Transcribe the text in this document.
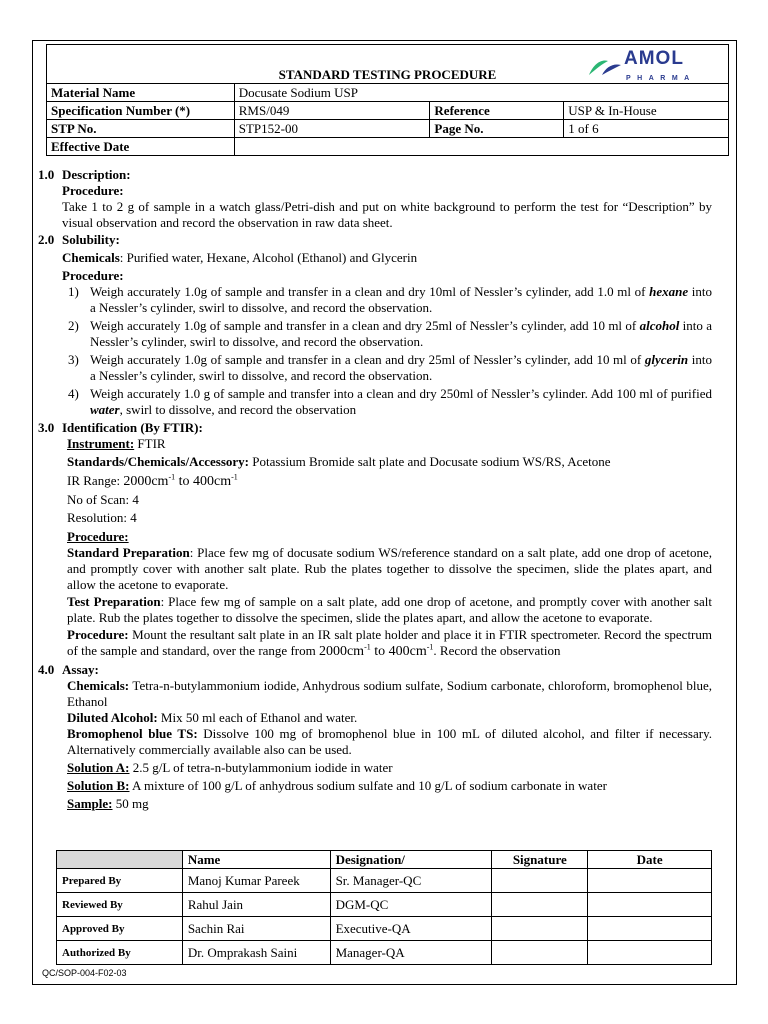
STANDARD TESTING PROCEDURE
AMOL
PHARMA			

Material Name	Docusate Sodium USP		
Specification Number (*)	RMS/049	Reference	USP & In-House
STP No.	STP152-00	Page No.	1 of 6
Effective Date			
1.0 Description:
Procedure:
Take 1 to 2 g of sample in a watch glass/Petri-dish and put on white background to perform the test for “Description” by visual observation and record the observation in raw data sheet.
2.0 Solubility:
Chemicals: Purified water, Hexane, Alcohol (Ethanol) and Glycerin
Procedure:
1) Weigh accurately 1.0g of sample and transfer in a clean and dry 10ml of Nessler’s cylinder, add 1.0 ml of hexane into a Nessler’s cylinder, swirl to dissolve, and record the observation.
2) Weigh accurately 1.0g of sample and transfer in a clean and dry 25ml of Nessler’s cylinder, add 10 ml of alcohol into a Nessler’s cylinder, swirl to dissolve, and record the observation.
3) Weigh accurately 1.0g of sample and transfer in a clean and dry 25ml of Nessler’s cylinder, add 10 ml of glycerin into a Nessler’s cylinder, swirl to dissolve, and record the observation.
4) Weigh accurately 1.0 g of sample and transfer into a clean and dry 250ml of Nessler’s cylinder. Add 100 ml of purified water, swirl to dissolve, and record the observation
3.0 Identification (By FTIR):
Instrument: FTIR
Standards/Chemicals/Accessory: Potassium Bromide salt plate and Docusate sodium WS/RS, Acetone
IR Range: $2000cm^{-1}$ to $400cm^{-1}$
No of Scan: 4
Resolution: 4
Procedure:
Standard Preparation: Place few mg of docusate sodium WS/reference standard on a salt plate, add one drop of acetone, and promptly cover with another salt plate. Rub the plates together to dissolve the specimen, slide the plates apart, and allow the acetone to evaporate.
Test Preparation: Place few mg of sample on a salt plate, add one drop of acetone, and promptly cover with another salt plate. Rub the plates together to dissolve the specimen, slide the plates apart, and allow the acetone to evaporate.
Procedure: Mount the resultant salt plate in an IR salt plate holder and place it in FTIR spectrometer. Record the spectrum of the sample and standard, over the range from $2000cm^{-1}$ to $400cm^{-1}$. Record the observation
4.0 Assay:
Chemicals: Tetra-n-butylammonium iodide, Anhydrous sodium sulfate, Sodium carbonate, chloroform, bromophenol blue, Ethanol
Diluted Alcohol: Mix 50 ml each of Ethanol and water.
Bromophenol blue TS: Dissolve 100 mg of bromophenol blue in 100 mL of diluted alcohol, and filter if necessary. Alternatively commercially available also can be used.
Solution A: 2.5 g/L of tetra-n-butylammonium iodide in water
Solution B: A mixture of 100 g/L of anhydrous sodium sulfate and 10 g/L of sodium carbonate in water
Sample: 50 mg
	Name	Designation/	Signature	Date
Prepared By	Manoj Kumar Pareek	Sr. Manager-QC		
Reviewed By	Rahul Jain	DGM-QC		
Approved By	Sachin Rai	Executive-QA		
Authorized By	Dr. Omprakash Saini	Manager-QA		
QC/SOP-004-F02-03
